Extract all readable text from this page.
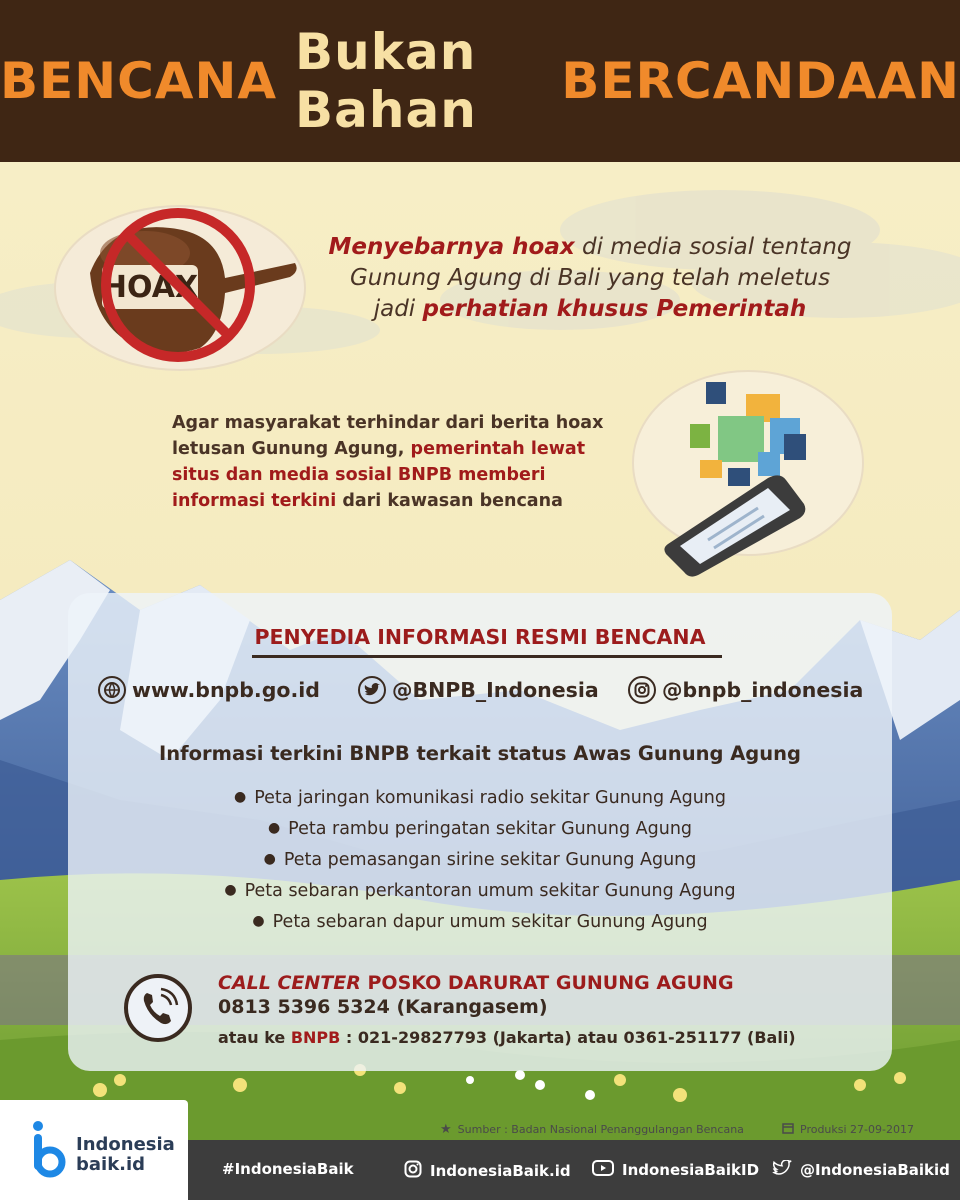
BENCANA Bukan Bahan	BERCANDAAN
HOAX
Menyebarnya hoax di media sosial tentang
Gunung Agung di Bali yang telah meletus
jadi perhatian khusus Pemerintah
Agar masyarakat terhindar dari berita hoax letusan Gunung Agung, pemerintah lewat situs dan media sosial BNPB memberi informasi terkini dari kawasan bencana
PENYEDIA INFORMASI RESMI BENCANA
www.bnpb.go.id	@BNPB_Indonesia	@bnpb_indonesia
Informasi terkini BNPB terkait status Awas Gunung Agung
● Peta jaringan komunikasi radio sekitar Gunung Agung
● Peta rambu peringatan sekitar Gunung Agung
● Peta pemasangan sirine sekitar Gunung Agung
● Peta sebaran perkantoran umum sekitar Gunung Agung
● Peta sebaran dapur umum sekitar Gunung Agung
CALL CENTER POSKO DARURAT GUNUNG AGUNG
0813 5396 5324 (Karangasem)
atau ke BNPB : 021-29827793 (Jakarta) atau 0361-251177 (Bali)
★ Sumber : Badan Nasional Penanggulangan Bencana	Produksi 27-09-2017
#IndonesiaBaik	IndonesiaBaik.id	IndonesiaBaikID	@IndonesiaBaikid
Indonesia
baik.id
